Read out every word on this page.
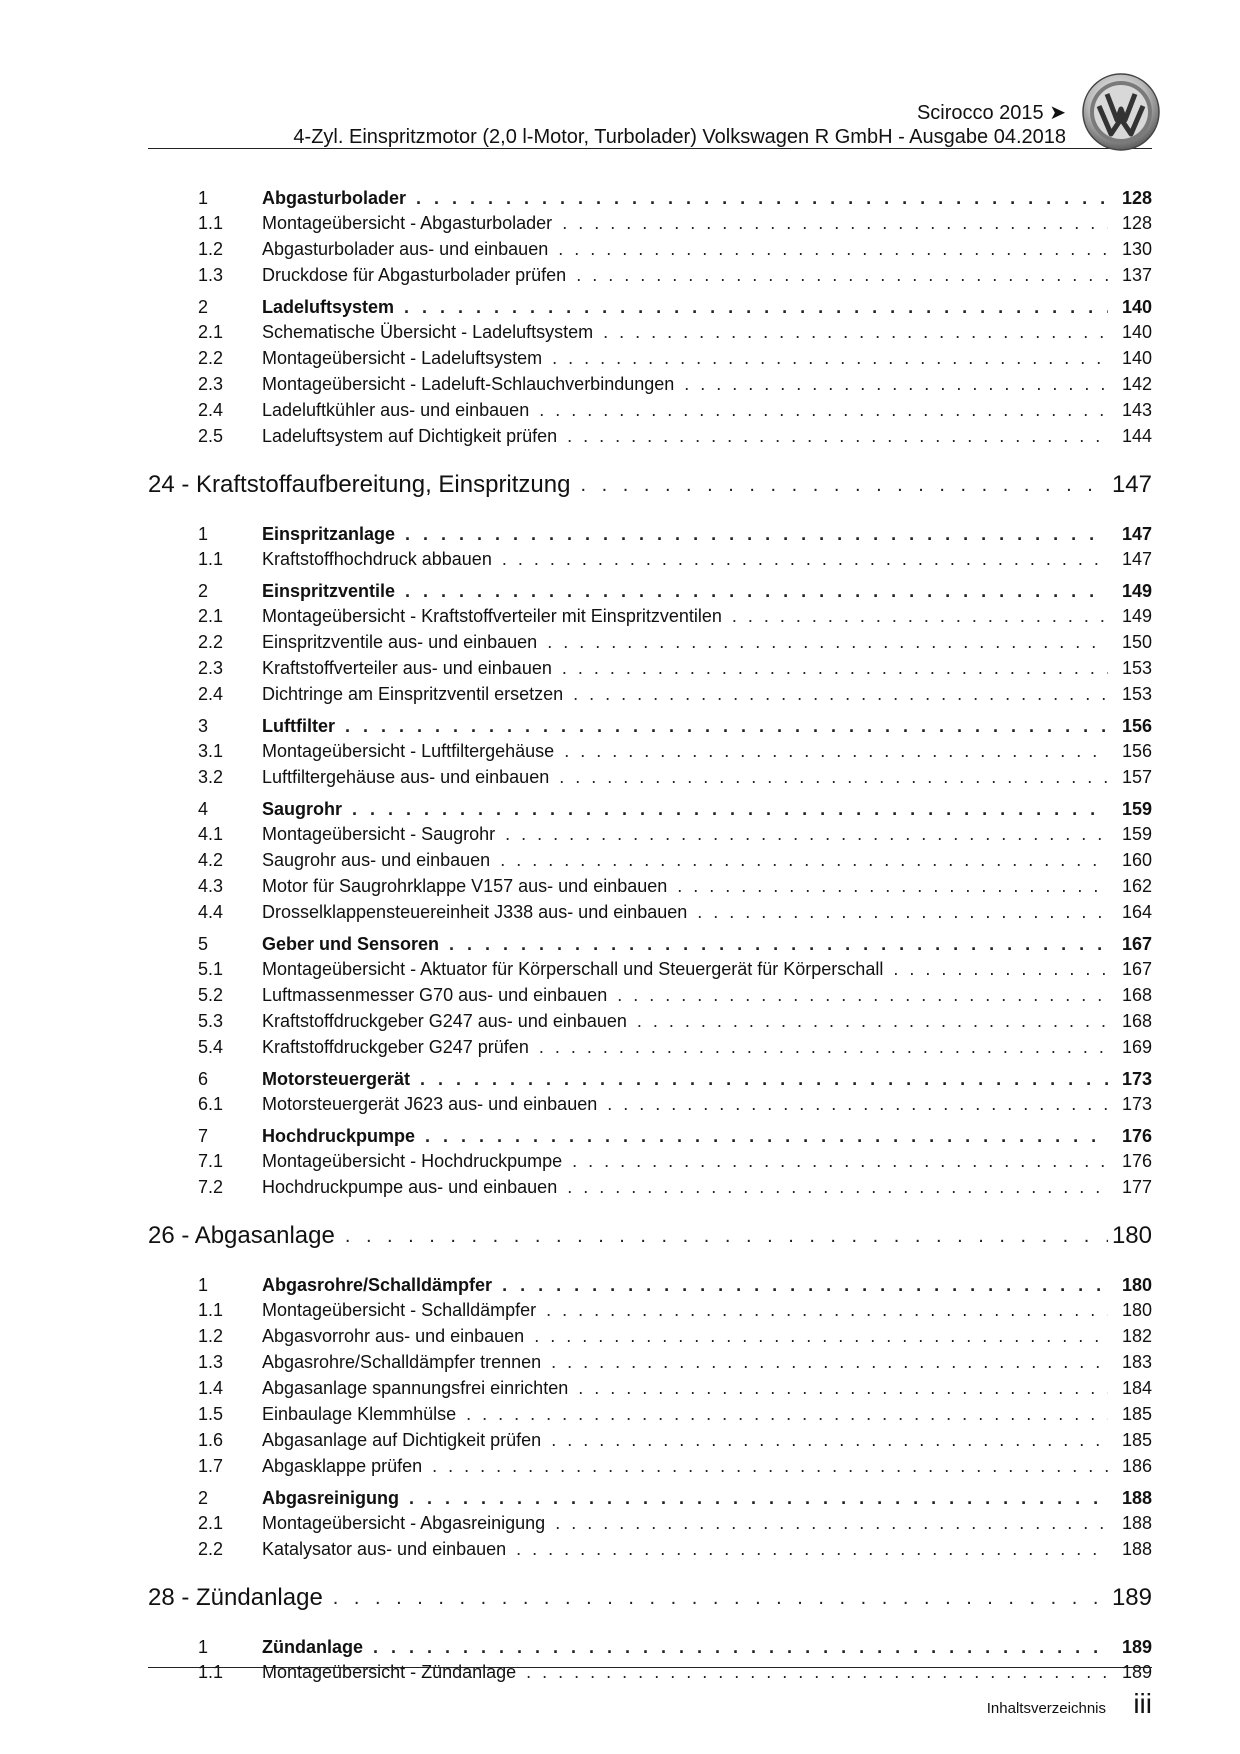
Scirocco 2015 ➤
4-Zyl. Einspritzmotor (2,0 l-Motor, Turbolader) Volkswagen R GmbH - Ausgabe 04.2018
1	Abgasturbolader . . .	128
1.1	Montageübersicht - Abgasturbolader . . .	128
1.2	Abgasturbolader aus- und einbauen . . .	130
1.3	Druckdose für Abgasturbolader prüfen . . .	137
2	Ladeluftsystem . . .	140
2.1	Schematische Übersicht - Ladeluftsystem . . .	140
2.2	Montageübersicht - Ladeluftsystem . . .	140
2.3	Montageübersicht - Ladeluft-Schlauchverbindungen . . .	142
2.4	Ladeluftkühler aus- und einbauen . . .	143
2.5	Ladeluftsystem auf Dichtigkeit prüfen . . .	144
24 - Kraftstoffaufbereitung, Einspritzung . . .	147
1	Einspritzanlage . . .	147
1.1	Kraftstoffhochdruck abbauen . . .	147
2	Einspritzventile . . .	149
2.1	Montageübersicht - Kraftstoffverteiler mit Einspritzventilen . . .	149
2.2	Einspritzventile aus- und einbauen . . .	150
2.3	Kraftstoffverteiler aus- und einbauen . . .	153
2.4	Dichtringe am Einspritzventil ersetzen . . .	153
3	Luftfilter . . .	156
3.1	Montageübersicht - Luftfiltergehäuse . . .	156
3.2	Luftfiltergehäuse aus- und einbauen . . .	157
4	Saugrohr . . .	159
4.1	Montageübersicht - Saugrohr . . .	159
4.2	Saugrohr aus- und einbauen . . .	160
4.3	Motor für Saugrohrklappe V157 aus- und einbauen . . .	162
4.4	Drosselklappensteuereinheit J338 aus- und einbauen . . .	164
5	Geber und Sensoren . . .	167
5.1	Montageübersicht - Aktuator für Körperschall und Steuergerät für Körperschall . . .	167
5.2	Luftmassenmesser G70 aus- und einbauen . . .	168
5.3	Kraftstoffdruckgeber G247 aus- und einbauen . . .	168
5.4	Kraftstoffdruckgeber G247 prüfen . . .	169
6	Motorsteuergerät . . .	173
6.1	Motorsteuergerät J623 aus- und einbauen . . .	173
7	Hochdruckpumpe . . .	176
7.1	Montageübersicht - Hochdruckpumpe . . .	176
7.2	Hochdruckpumpe aus- und einbauen . . .	177
26 - Abgasanlage . . .	180
1	Abgasrohre/Schalldämpfer . . .	180
1.1	Montageübersicht - Schalldämpfer . . .	180
1.2	Abgasvorrohr aus- und einbauen . . .	182
1.3	Abgasrohre/Schalldämpfer trennen . . .	183
1.4	Abgasanlage spannungsfrei einrichten . . .	184
1.5	Einbaulage Klemmhülse . . .	185
1.6	Abgasanlage auf Dichtigkeit prüfen . . .	185
1.7	Abgasklappe prüfen . . .	186
2	Abgasreinigung . . .	188
2.1	Montageübersicht - Abgasreinigung . . .	188
2.2	Katalysator aus- und einbauen . . .	188
28 - Zündanlage . . .	189
1	Zündanlage . . .	189
1.1	Montageübersicht - Zündanlage . . .	189
Inhaltsverzeichnis iii
